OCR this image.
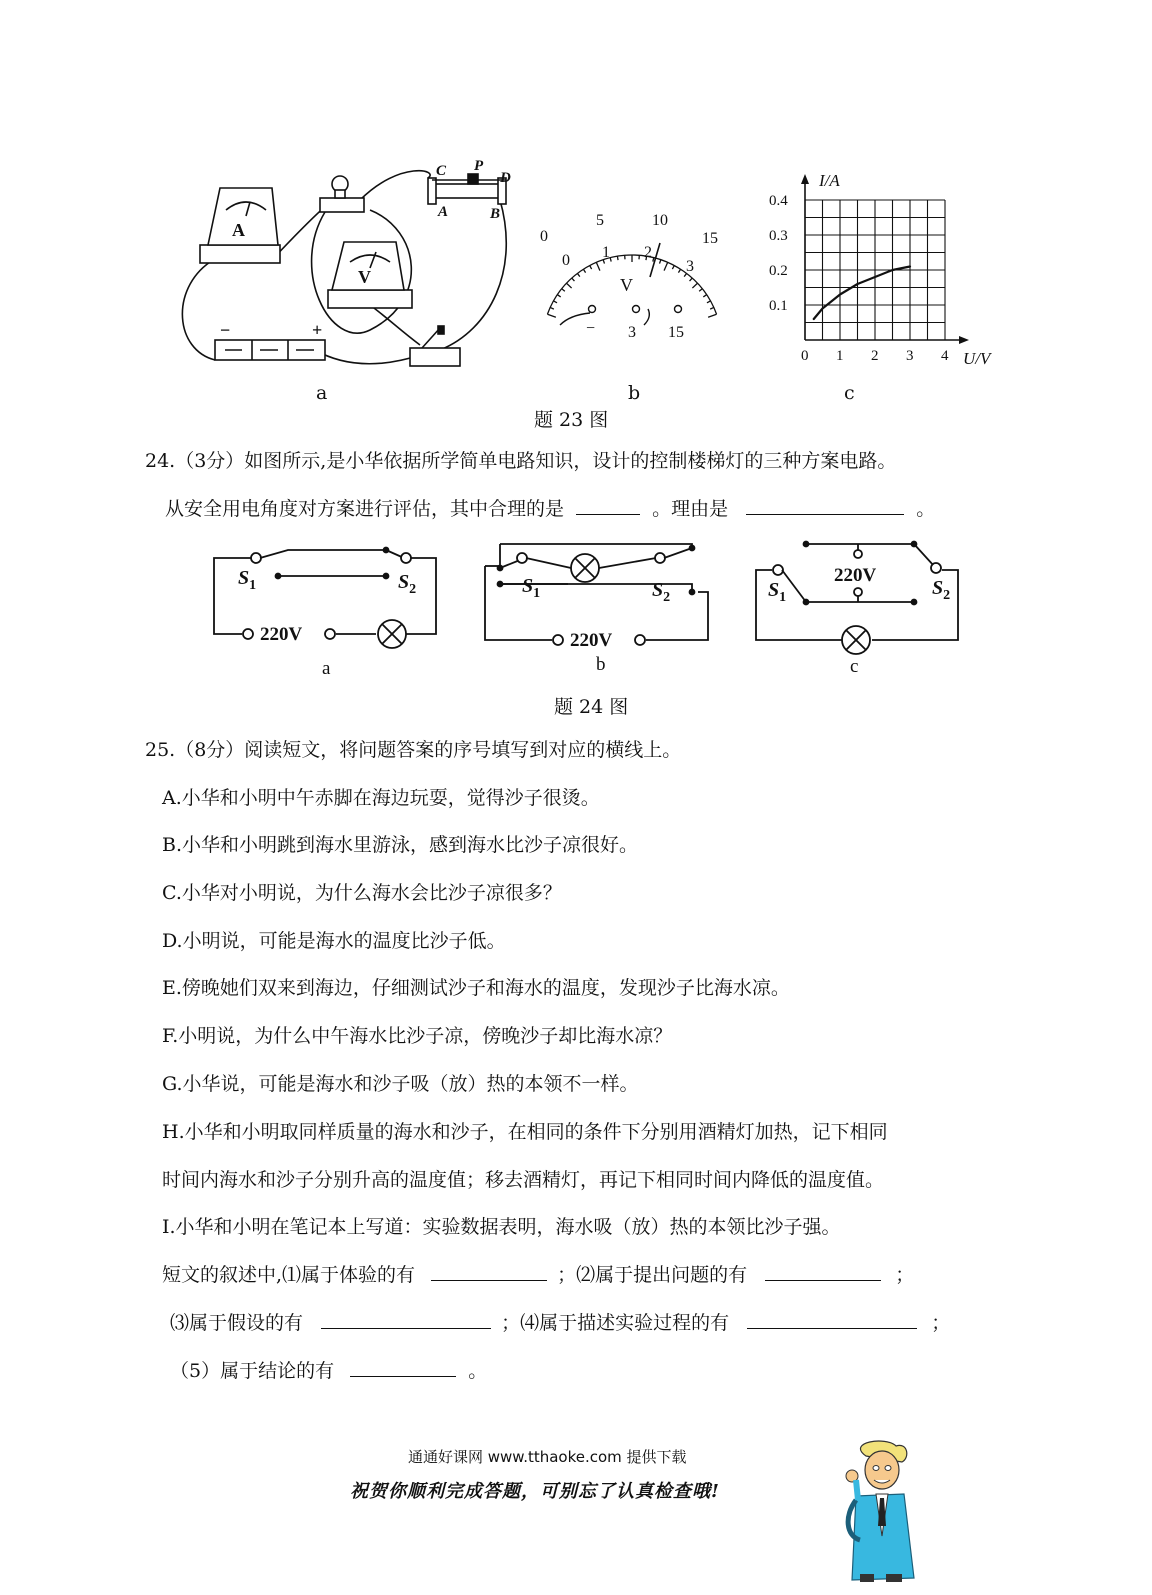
A
V
C P
D
A	B
−	+
a
0
5	10
15
0 1 2
3
V
− 3 15
b
0 1 2 3 4
0.1
0.2
0.3
0.4
I/A
U/V
c
题 23 图
24.（3分）如图所示,是小华依据所学简单电路知识，设计的控制楼梯灯的三种方案电路。
从安全用电角度对方案进行评估，其中合理的是	。理由是	。
$S_1$	$S_2$
220V
$S_1$	$S_2$
220V
$S_1$	$S_2$
220V
a	b	c
题 24 图
25.（8分）阅读短文，将问题答案的序号填写到对应的横线上。
A.小华和小明中午赤脚在海边玩耍，觉得沙子很烫。
B.小华和小明跳到海水里游泳，感到海水比沙子凉很好。
C.小华对小明说，为什么海水会比沙子凉很多？
D.小明说，可能是海水的温度比沙子低。
E.傍晚她们双来到海边，仔细测试沙子和海水的温度，发现沙子比海水凉。
F.小明说，为什么中午海水比沙子凉，傍晚沙子却比海水凉？
G.小华说，可能是海水和沙子吸（放）热的本领不一样。
H.小华和小明取同样质量的海水和沙子，在相同的条件下分别用酒精灯加热，记下相同
时间内海水和沙子分别升高的温度值；移去酒精灯，再记下相同时间内降低的温度值。
I.小华和小明在笔记本上写道：实验数据表明，海水吸（放）热的本领比沙子强。
短文的叙述中,⑴属于体验的有	；⑵属于提出问题的有	；
⑶属于假设的有	；⑷属于描述实验过程的有	；
（5）属于结论的有	。
通通好课网 www.tthaoke.com 提供下载
祝贺你顺利完成答题，可别忘了认真检查哦!
